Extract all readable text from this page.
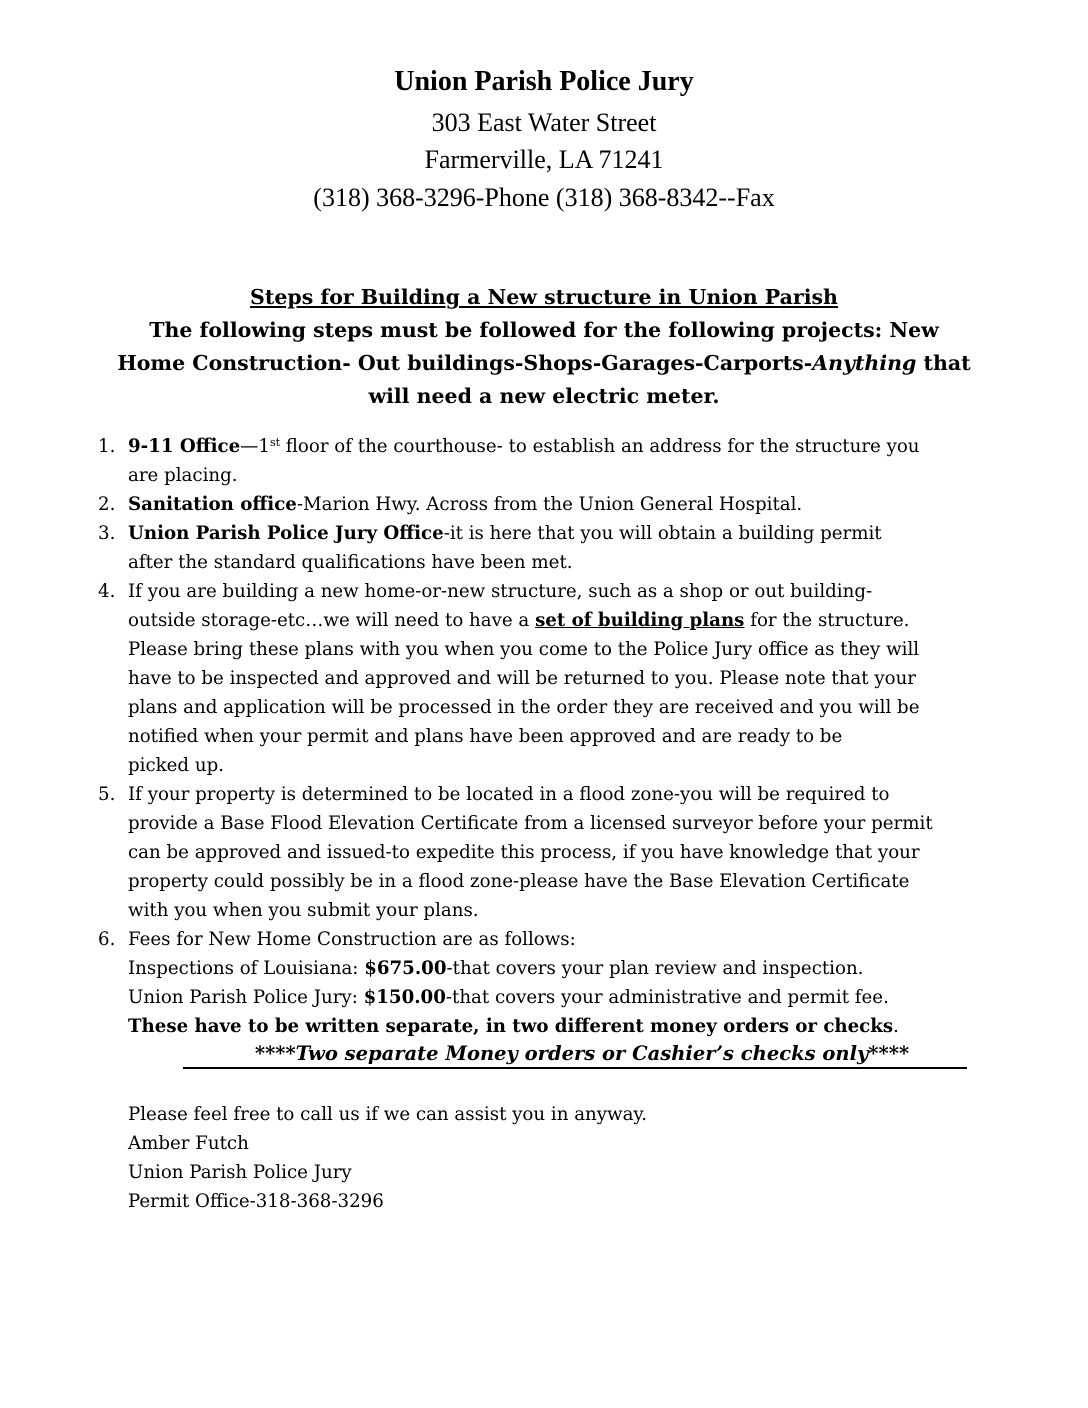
Union Parish Police Jury
303 East Water Street
Farmerville, LA 71241
(318) 368-3296-Phone (318) 368-8342--Fax
Steps for Building a New structure in Union Parish
The following steps must be followed for the following projects: New
Home Construction- Out buildings-Shops-Garages-Carports-Anything that
will need a new electric meter.
1. 9-11 Office—1st floor of the courthouse- to establish an address for the structure you
are placing.
2. Sanitation office-Marion Hwy. Across from the Union General Hospital.
3. Union Parish Police Jury Office-it is here that you will obtain a building permit
after the standard qualifications have been met.
4. If you are building a new home-or-new structure, such as a shop or out building-
outside storage-etc…we will need to have a set of building plans for the structure.
Please bring these plans with you when you come to the Police Jury office as they will
have to be inspected and approved and will be returned to you. Please note that your
plans and application will be processed in the order they are received and you will be
notified when your permit and plans have been approved and are ready to be
picked up.
5. If your property is determined to be located in a flood zone-you will be required to
provide a Base Flood Elevation Certificate from a licensed surveyor before your permit
can be approved and issued-to expedite this process, if you have knowledge that your
property could possibly be in a flood zone-please have the Base Elevation Certificate
with you when you submit your plans.
6. Fees for New Home Construction are as follows:
Inspections of Louisiana: $675.00-that covers your plan review and inspection.
Union Parish Police Jury: $150.00-that covers your administrative and permit fee.
These have to be written separate, in two different money orders or checks.
****Two separate Money orders or Cashier’s checks only****
Please feel free to call us if we can assist you in anyway.
Amber Futch
Union Parish Police Jury
Permit Office-318-368-3296
